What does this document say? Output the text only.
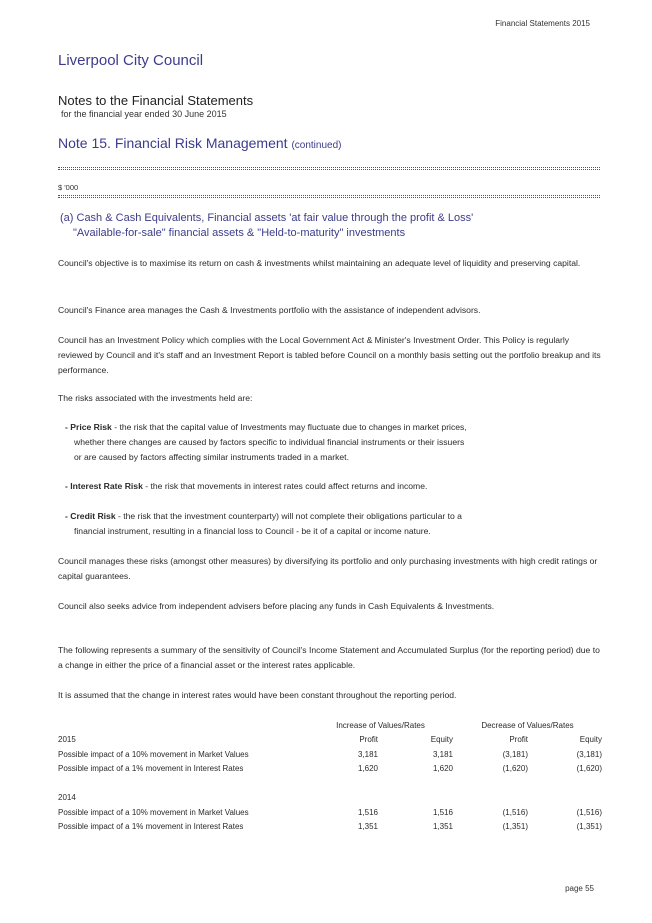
Financial Statements 2015
Liverpool City Council
Notes to the Financial Statements
for the financial year ended 30 June 2015
Note 15. Financial Risk Management (continued)
$ '000
(a) Cash & Cash Equivalents, Financial assets 'at fair value through the profit & Loss'
"Available-for-sale" financial assets & "Held-to-maturity" investments
Council's objective is to maximise its return on cash & investments whilst maintaining an adequate level of liquidity and preserving capital.
Council's Finance area manages the Cash & Investments portfolio with the assistance of independent advisors.
Council has an Investment Policy which complies with the Local Government Act & Minister's Investment Order. This Policy is regularly reviewed by Council and it's staff and an Investment Report is tabled before Council on a monthly basis setting out the portfolio breakup and its performance.
The risks associated with the investments held are:
- Price Risk - the risk that the capital value of Investments may fluctuate due to changes in market prices,
whether there changes are caused by factors specific to individual financial instruments or their issuers
or are caused by factors affecting similar instruments traded in a market.
- Interest Rate Risk - the risk that movements in interest rates could affect returns and income.
- Credit Risk - the risk that the investment counterparty) will not complete their obligations particular to a
financial instrument, resulting in a financial loss to Council - be it of a capital or income nature.
Council manages these risks (amongst other measures) by diversifying its portfolio and only purchasing investments with high credit ratings or capital guarantees.
Council also seeks advice from independent advisers before placing any funds in Cash Equivalents & Investments.
The following represents a summary of the sensitivity of Council's Income Statement and Accumulated Surplus (for the reporting period) due to a change in either the price of a financial asset or the interest rates applicable.
It is assumed that the change in interest rates would have been constant throughout the reporting period.
	Increase of Values/Rates		Decrease of Values/Rates	
2015	Profit	Equity	Profit	Equity
Possible impact of a 10% movement in Market Values	3,181	3,181	(3,181)	(3,181)
Possible impact of a 1% movement in Interest Rates	1,620	1,620	(1,620)	(1,620)

2014				
Possible impact of a 10% movement in Market Values	1,516	1,516	(1,516)	(1,516)
Possible impact of a 1% movement in Interest Rates	1,351	1,351	(1,351)	(1,351)
page 55
